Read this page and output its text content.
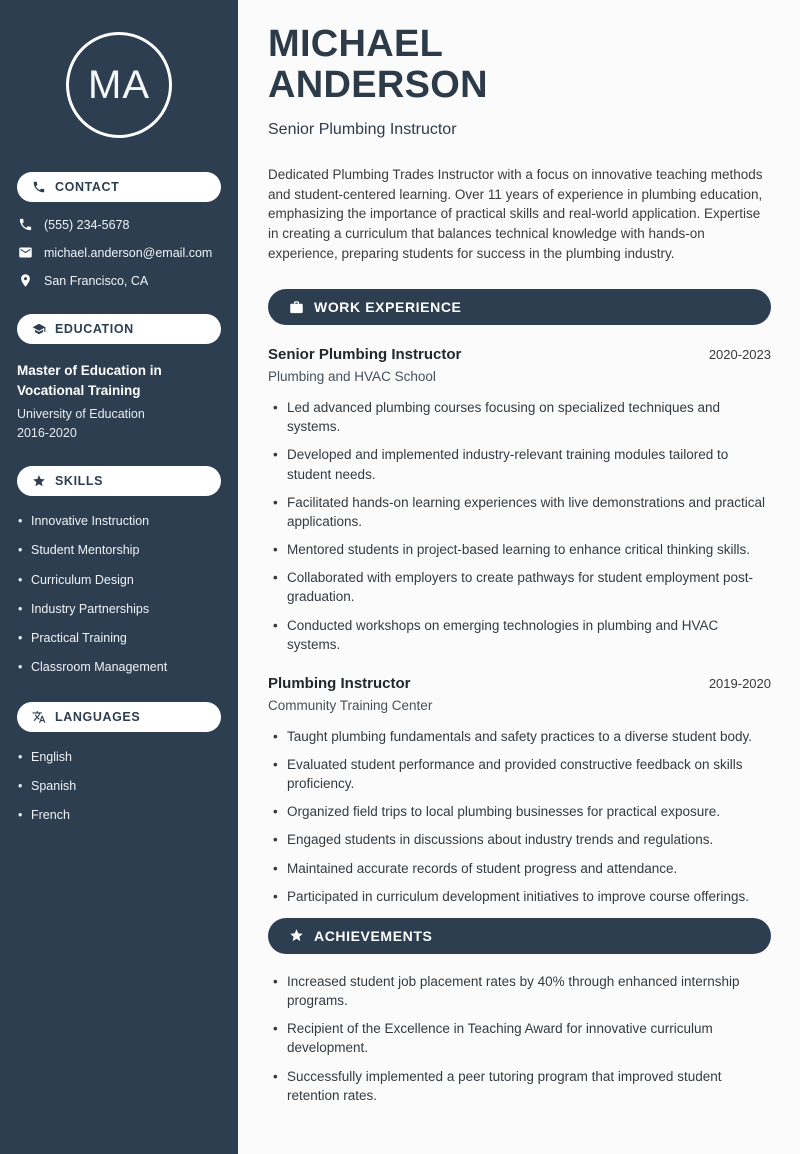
MA
CONTACT
(555) 234-5678
michael.anderson@email.com
San Francisco, CA
EDUCATION
Master of Education in Vocational Training
University of Education
2016-2020
SKILLS
• Innovative Instruction
• Student Mentorship
• Curriculum Design
• Industry Partnerships
• Practical Training
• Classroom Management
LANGUAGES
• English
• Spanish
• French
MICHAEL
ANDERSON
Senior Plumbing Instructor

Dedicated Plumbing Trades Instructor with a focus on innovative teaching methods and student-centered learning. Over 11 years of experience in plumbing education, emphasizing the importance of practical skills and real-world application. Expertise in creating a curriculum that balances technical knowledge with hands-on experience, preparing students for success in the plumbing industry.

WORK EXPERIENCE
Senior Plumbing Instructor	2020-2023
Plumbing and HVAC School
• Led advanced plumbing courses focusing on specialized techniques and systems.
• Developed and implemented industry-relevant training modules tailored to student needs.
• Facilitated hands-on learning experiences with live demonstrations and practical applications.
• Mentored students in project-based learning to enhance critical thinking skills.
• Collaborated with employers to create pathways for student employment post-graduation.
• Conducted workshops on emerging technologies in plumbing and HVAC systems.
Plumbing Instructor	2019-2020
Community Training Center
• Taught plumbing fundamentals and safety practices to a diverse student body.
• Evaluated student performance and provided constructive feedback on skills proficiency.
• Organized field trips to local plumbing businesses for practical exposure.
• Engaged students in discussions about industry trends and regulations.
• Maintained accurate records of student progress and attendance.
• Participated in curriculum development initiatives to improve course offerings.
ACHIEVEMENTS
• Increased student job placement rates by 40% through enhanced internship programs.
• Recipient of the Excellence in Teaching Award for innovative curriculum development.
• Successfully implemented a peer tutoring program that improved student retention rates.
